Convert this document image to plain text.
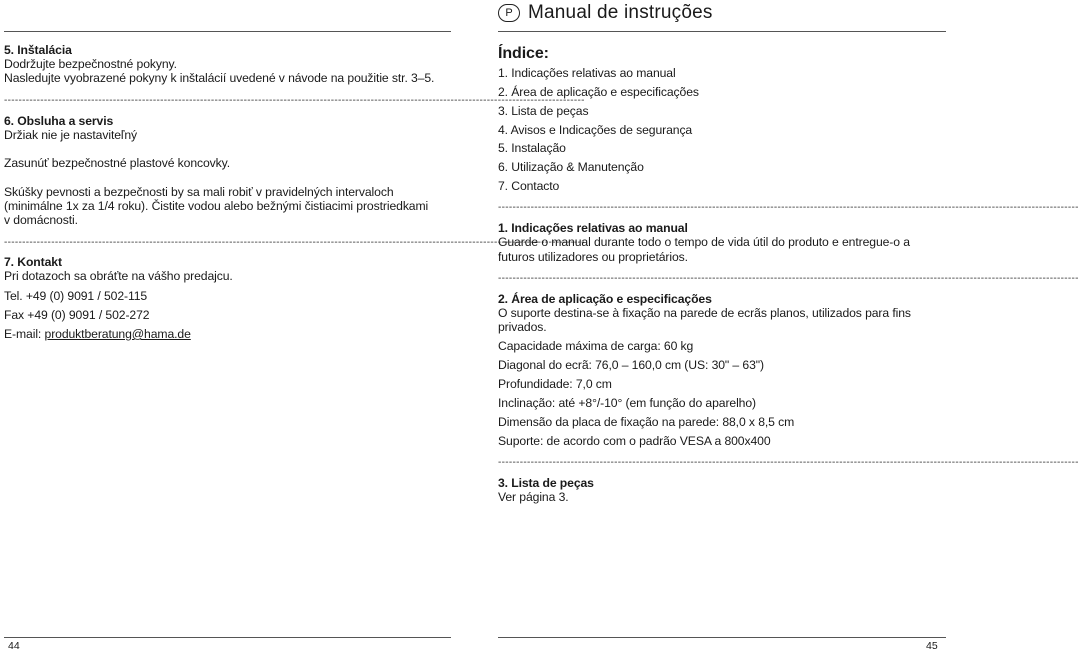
P Manual de instruções
5. Inštalácia
Dodržujte bezpečnostné pokyny.
Nasledujte vyobrazené pokyny k inštalácií uvedené v návode na použitie str. 3–5.
----------------------------------------------------------------------------------------------------------------------------------------------------------------
6. Obsluha a servis
Držiak nie je nastaviteľný
Zasunúť bezpečnostné plastové koncovky.
Skúšky pevnosti a bezpečnosti by sa mali robiť v pravidelných intervaloch
(minimálne 1x za 1/4 roku). Čistite vodou alebo bežnými čistiacimi prostriedkami
v domácnosti.
----------------------------------------------------------------------------------------------------------------------------------------------------------------
7. Kontakt
Pri dotazoch sa obráťte na vášho predajcu.
Tel. +49 (0) 9091 / 502-115
Fax +49 (0) 9091 / 502-272
E-mail: produktberatung@hama.de
Índice:
1. Indicações relativas ao manual
2. Área de aplicação e especificações
3. Lista de peças
4. Avisos e Indicações de segurança
5. Instalação
6. Utilização & Manutenção
7. Contacto
----------------------------------------------------------------------------------------------------------------------------------------------------------------
1. Indicações relativas ao manual
Guarde o manual durante todo o tempo de vida útil do produto e entregue-o a
futuros utilizadores ou proprietários.
----------------------------------------------------------------------------------------------------------------------------------------------------------------
2. Área de aplicação e especificações
O suporte destina-se à fixação na parede de ecrãs planos, utilizados para fins
privados.
Capacidade máxima de carga: 60 kg
Diagonal do ecrã: 76,0 – 160,0 cm (US: 30" – 63")
Profundidade: 7,0 cm
Inclinação: até +8°/-10° (em função do aparelho)
Dimensão da placa de fixação na parede: 88,0 x 8,5 cm
Suporte: de acordo com o padrão VESA a 800x400
----------------------------------------------------------------------------------------------------------------------------------------------------------------
3. Lista de peças
Ver página 3.
44	45
